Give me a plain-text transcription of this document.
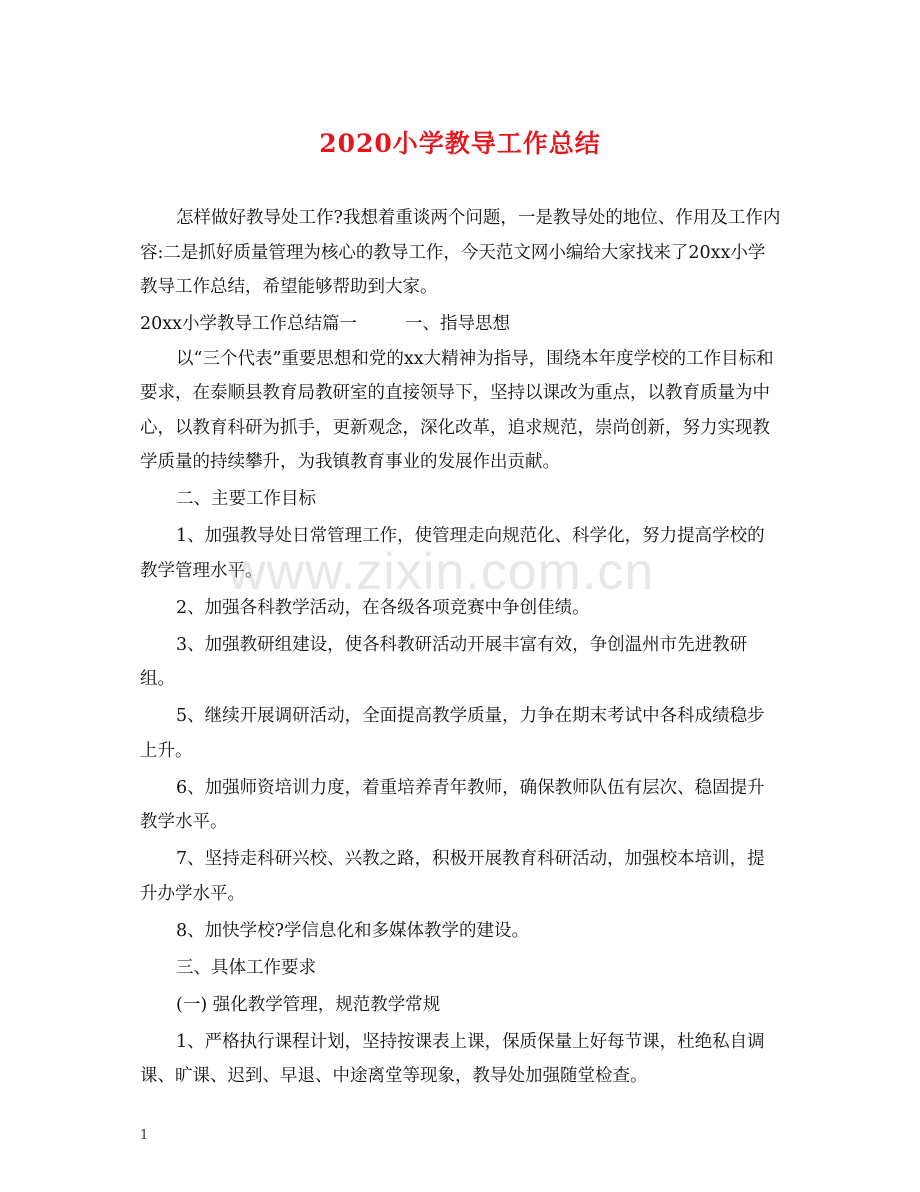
2020小学教导工作总结

怎样做好教导处工作?我想着重谈两个问题，一是教导处的地位、作用及工作内容:二是抓好质量管理为核心的教导工作，今天范文网小编给大家找来了20xx小学教导工作总结，希望能够帮助到大家。

20xx小学教导工作总结篇一	一、指导思想

以“三个代表”重要思想和党的xx大精神为指导，围绕本年度学校的工作目标和要求，在泰顺县教育局教研室的直接领导下，坚持以课改为重点，以教育质量为中心，以教育科研为抓手，更新观念，深化改革，追求规范，崇尚创新，努力实现教学质量的持续攀升，为我镇教育事业的发展作出贡献。

二、主要工作目标

1、加强教导处日常管理工作，使管理走向规范化、科学化，努力提高学校的教学管理水平。

2、加强各科教学活动，在各级各项竞赛中争创佳绩。

3、加强教研组建设，使各科教研活动开展丰富有效，争创温州市先进教研组。

5、继续开展调研活动，全面提高教学质量，力争在期末考试中各科成绩稳步上升。

6、加强师资培训力度，着重培养青年教师，确保教师队伍有层次、稳固提升教学水平。

7、坚持走科研兴校、兴教之路，积极开展教育科研活动，加强校本培训，提升办学水平。

8、加快学校?学信息化和多媒体教学的建设。

三、具体工作要求

(一) 强化教学管理，规范教学常规

1、严格执行课程计划，坚持按课表上课，保质保量上好每节课，杜绝私自调课、旷课、迟到、早退、中途离堂等现象，教导处加强随堂检查。

www.zixin.com.cn
1
